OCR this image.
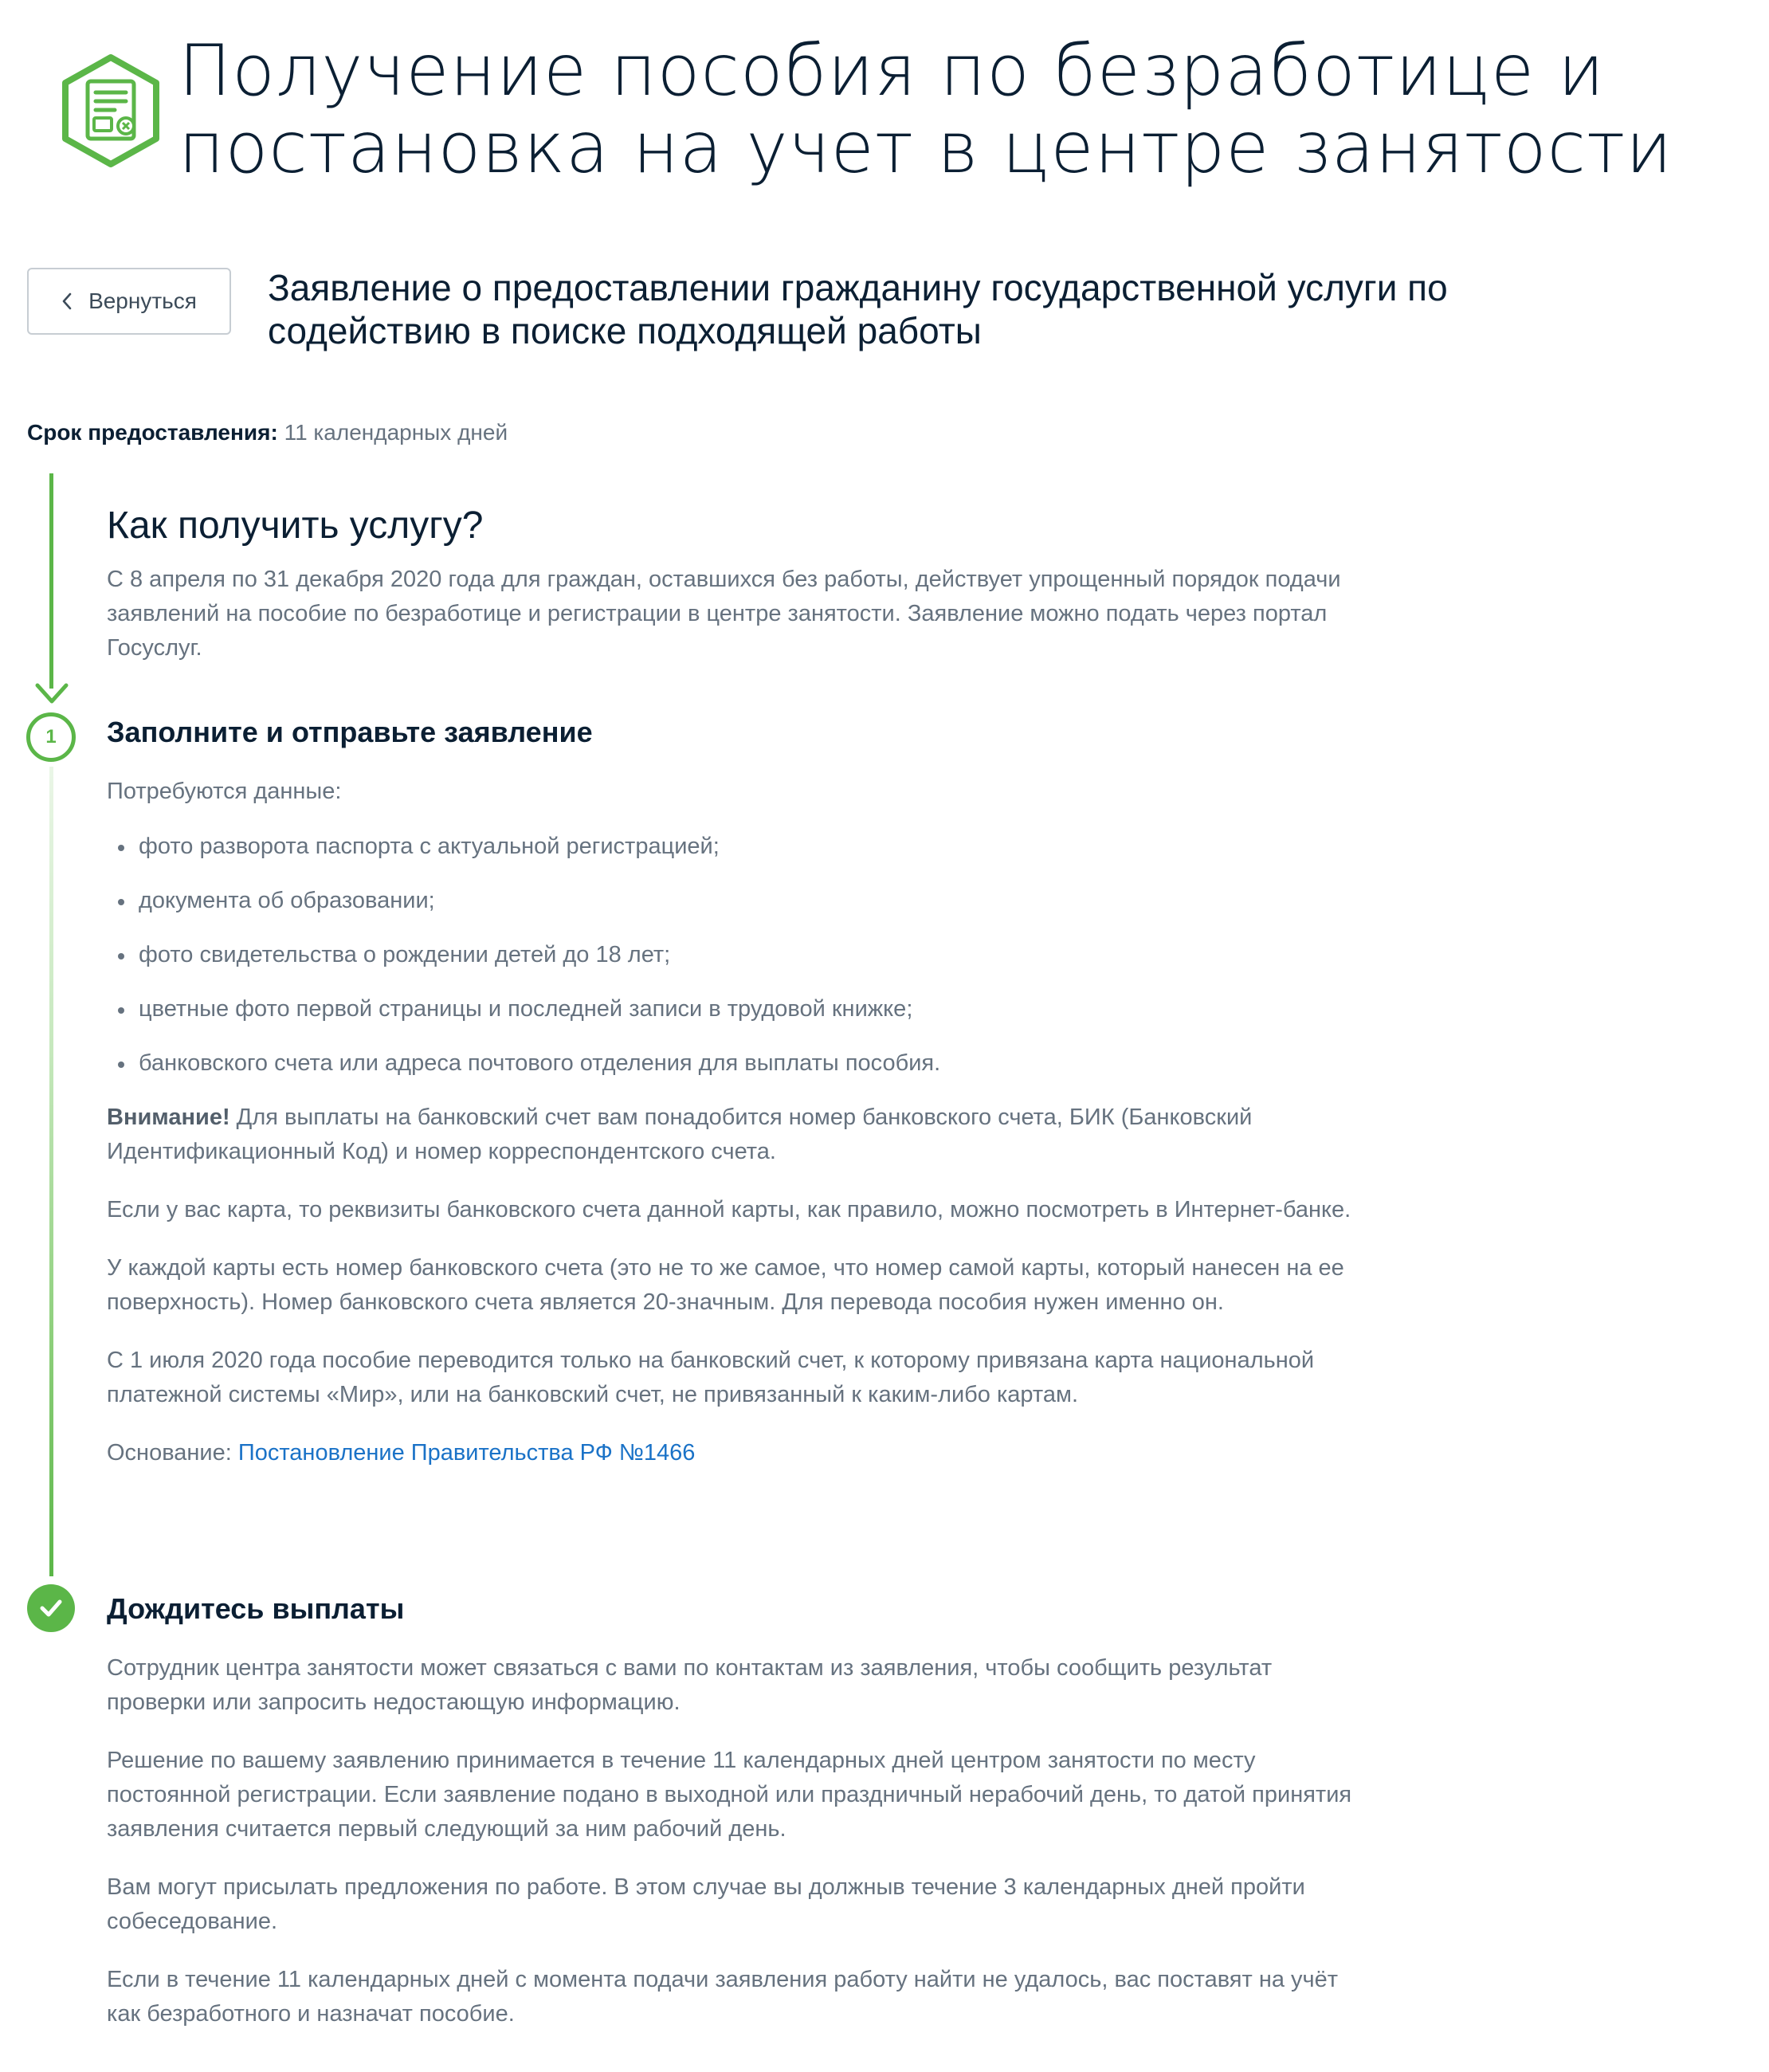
Получение пособия по безработице и постановка на учет в центре занятости
Вернуться Заявление о предоставлении гражданину государственной услуги по содействию в поиске подходящей работы
Срок предоставления: 11 календарных дней
1
Как получить услугу?

С 8 апреля по 31 декабря 2020 года для граждан, оставшихся без работы, действует упрощенный порядок подачи заявлений на пособие по безработице и регистрации в центре занятости. Заявление можно подать через портал Госуслуг.

Заполните и отправьте заявление

Потребуются данные:

фото разворота паспорта с актуальной регистрацией;
документа об образовании;
фото свидетельства о рождении детей до 18 лет;
цветные фото первой страницы и последней записи в трудовой книжке;
банковского счета или адреса почтового отделения для выплаты пособия.

Внимание! Для выплаты на банковский счет вам понадобится номер банковского счета, БИК (Банковский Идентификационный Код) и номер корреспондентского счета.

Если у вас карта, то реквизиты банковского счета данной карты, как правило, можно посмотреть в Интернет-банке.

У каждой карты есть номер банковского счета (это не то же самое, что номер самой карты, который нанесен на ее поверхность). Номер банковского счета является 20-значным. Для перевода пособия нужен именно он.

С 1 июля 2020 года пособие переводится только на банковский счет, к которому привязана карта национальной платежной системы «Мир», или на банковский счет, не привязанный к каким-либо картам.

Основание: Постановление Правительства РФ №1466

Дождитесь выплаты

Сотрудник центра занятости может связаться с вами по контактам из заявления, чтобы сообщить результат проверки или запросить недостающую информацию.

Решение по вашему заявлению принимается в течение 11 календарных дней центром занятости по месту постоянной регистрации. Если заявление подано в выходной или праздничный нерабочий день, то датой принятия заявления считается первый следующий за ним рабочий день.

Вам могут присылать предложения по работе. В этом случае вы должныв течение 3 календарных дней пройти собеседование.

Если в течение 11 календарных дней с момента подачи заявления работу найти не удалось, вас поставят на учёт как безработного и назначат пособие.
